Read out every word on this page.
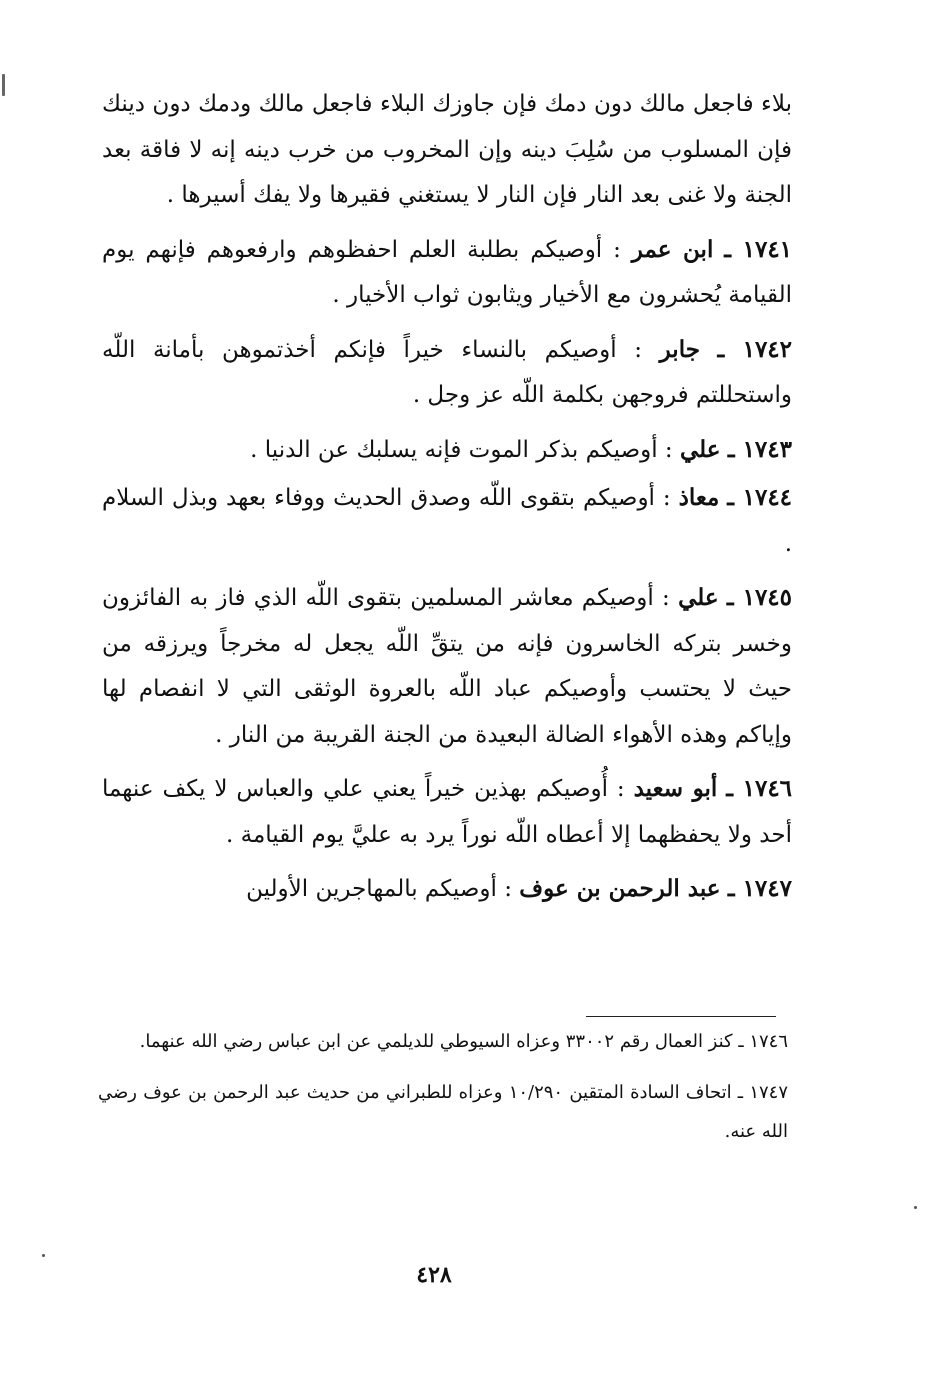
بلاء فاجعل مالك دون دمك فإن جاوزك البلاء فاجعل مالك ودمك دون دينك فإن المسلوب من سُلِبَ دينه وإن المخروب من خرب دينه إنه لا فاقة بعد الجنة ولا غنى بعد النار فإن النار لا يستغني فقيرها ولا يفك أسيرها .

١٧٤١ ـ ابن عمر : أوصيكم بطلبة العلم احفظوهم وارفعوهم فإنهم يوم القيامة يُحشرون مع الأخيار ويثابون ثواب الأخيار .

١٧٤٢ ـ جابر : أوصيكم بالنساء خيراً فإنكم أخذتموهن بأمانة اللّه واستحللتم فروجهن بكلمة اللّه عز وجل .

١٧٤٣ ـ علي : أوصيكم بذكر الموت فإنه يسلبك عن الدنيا .

١٧٤٤ ـ معاذ : أوصيكم بتقوى اللّه وصدق الحديث ووفاء بعهد وبذل السلام .

١٧٤٥ ـ علي : أوصيكم معاشر المسلمين بتقوى اللّه الذي فاز به الفائزون وخسر بتركه الخاسرون فإنه من يتقِّ اللّه يجعل له مخرجاً ويرزقه من حيث لا يحتسب وأوصيكم عباد اللّه بالعروة الوثقى التي لا انفصام لها وإياكم وهذه الأهواء الضالة البعيدة من الجنة القريبة من النار .

١٧٤٦ ـ أبو سعيد : أُوصيكم بهذين خيراً يعني علي والعباس لا يكف عنهما أحد ولا يحفظهما إلا أعطاه اللّه نوراً يرد به عليَّ يوم القيامة .

١٧٤٧ ـ عبد الرحمن بن عوف : أوصيكم بالمهاجرين الأولين

١٧٤٦ ـ كنز العمال رقم ٣٣٠٠٢ وعزاه السيوطي للديلمي عن ابن عباس رضي الله عنهما.

١٧٤٧ ـ اتحاف السادة المتقين ١٠/٢٩٠ وعزاه للطبراني من حديث عبد الرحمن بن عوف رضي الله عنه.

٤٢٨
